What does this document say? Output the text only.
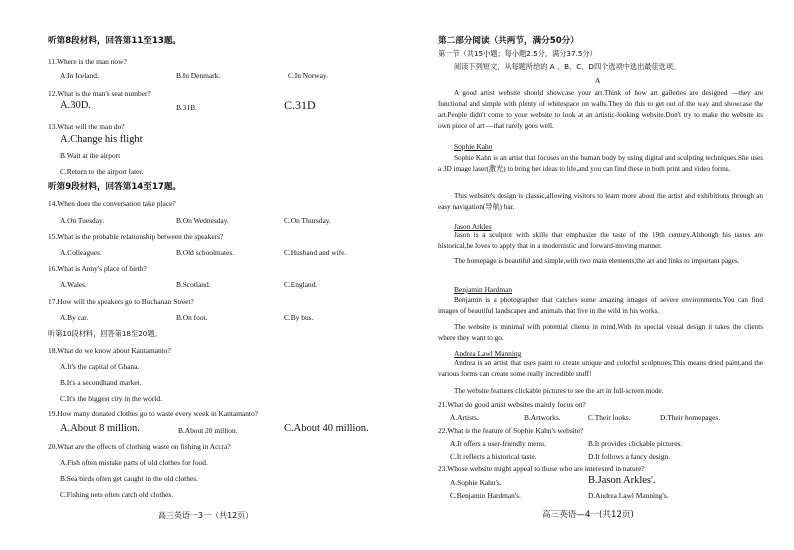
听第8段材料，回答第11至13题。
11.Where is the man now?
A.In Iceland.	B.In Denmark.	C.In Norway.
12.What is the man's seat number?
A.30D.	B.31B.	C.31D
13.What will the man do?
A.Change his flight
B.Wait at the airport
C.Return to the airport later.
听第9段材料，回答第14至17题。
14.When does the conversation take place?
A.On Tuesday.	B.On Wednesday.	C.On Thursday.
15.What is the probable relationship between the speakers?
A.Colleagues.	B.Old schoolmates.	C.Husband and wife.
16.What is Anny's place of birth?
A.Wales.	B.Scotland.	C.England.
17.How will the speakers go to Buchanan Street?
A.By car.	B.On foot.	C.By bus.
听第10段材料，回答第18至20题。
18.What do we know about Kantamanto?
A.It's the capital of Ghana.
B.It's a secondhand market.
C.It's the biggest city in the world.
19.How many donated clothes go to waste every week in Kantamanto?
A.About 8 million.	B.About 20 million.	C.About 40 million.
20.What are the effects of clothing waste on fishing in Accra?
A.Fish often mistake parts of old clothes for food.
B.Sea birds often get caught in the old clothes.
C.Fishing nets often catch old clothes.
高三英语一3一（共12页）
第二部分阅读（共两节，满分50分）
第一节（共15小题；每小题2.5分，满分37.5分）
阅读下列短文，从每题所给的 A 、B、C、D四个选项中选出最佳选项。
A
A good artist website should showcase your art.Think of how art galleries are designed —they are functional and simple with plenty of whitespace on walls.They do this to get out of the way and showcase the art.People didn't come to your website to look at an artistic-looking website.Don't try to make the website its own piece of art —that rarely goes well.
Sophie Kahn
Sophie Kahn is an artist that focuses on the human body by using digital and sculpting techniques.She uses a 3D image laser(激光) to bring her ideas to life,and you can find these in both print and video forms.
This website's design is classic,allowing visitors to learn more about the artist and exhibitions through an easy navigation(导航) bar.
Jason Arkles
Jason is a sculptor with skills that emphasize the taste of the 19th century.Although his tastes are historical,he loves to apply that in a modernistic and forward-moving manner.
The homepage is beautiful and simple,with two main elements;the art and links to important pages.
Benjamin Hardman
Benjamin is a photographer that catches some amazing images of severe environments.You can find images of beautiful landscapes and animals that live in the wild in his works.
The website is minimal with potential clients in mind.With its special visual design it takes the clients where they want to go.
Andrea Lawl Manning
Andrea is an artist that uses paint to create unique and colorful sculptures.This means dried paint,and the various forms can create some really incredible stuff!
The website features clickable pictures to see the art in full-screen mode.
21.What do good artist websites mainly focus on?
A.Artists.	B.Artworks.	C.Their looks.	D.Their homepages.
22.What is the feature of Sophie Kahn's website?
A.It offers a user-friendly menu.	B.It provides clickable pictures.
C.It reflects a historical taste.	D.It follows a fancy design.
23.Whose website might appeal to those who are interested in nature?
A.Sophie Kahn's.	B.Jason Arkles'.
C.Benjamin Hardman's.	D.Andrea Lawl Manning's.
高三英语—4一(共12页)
